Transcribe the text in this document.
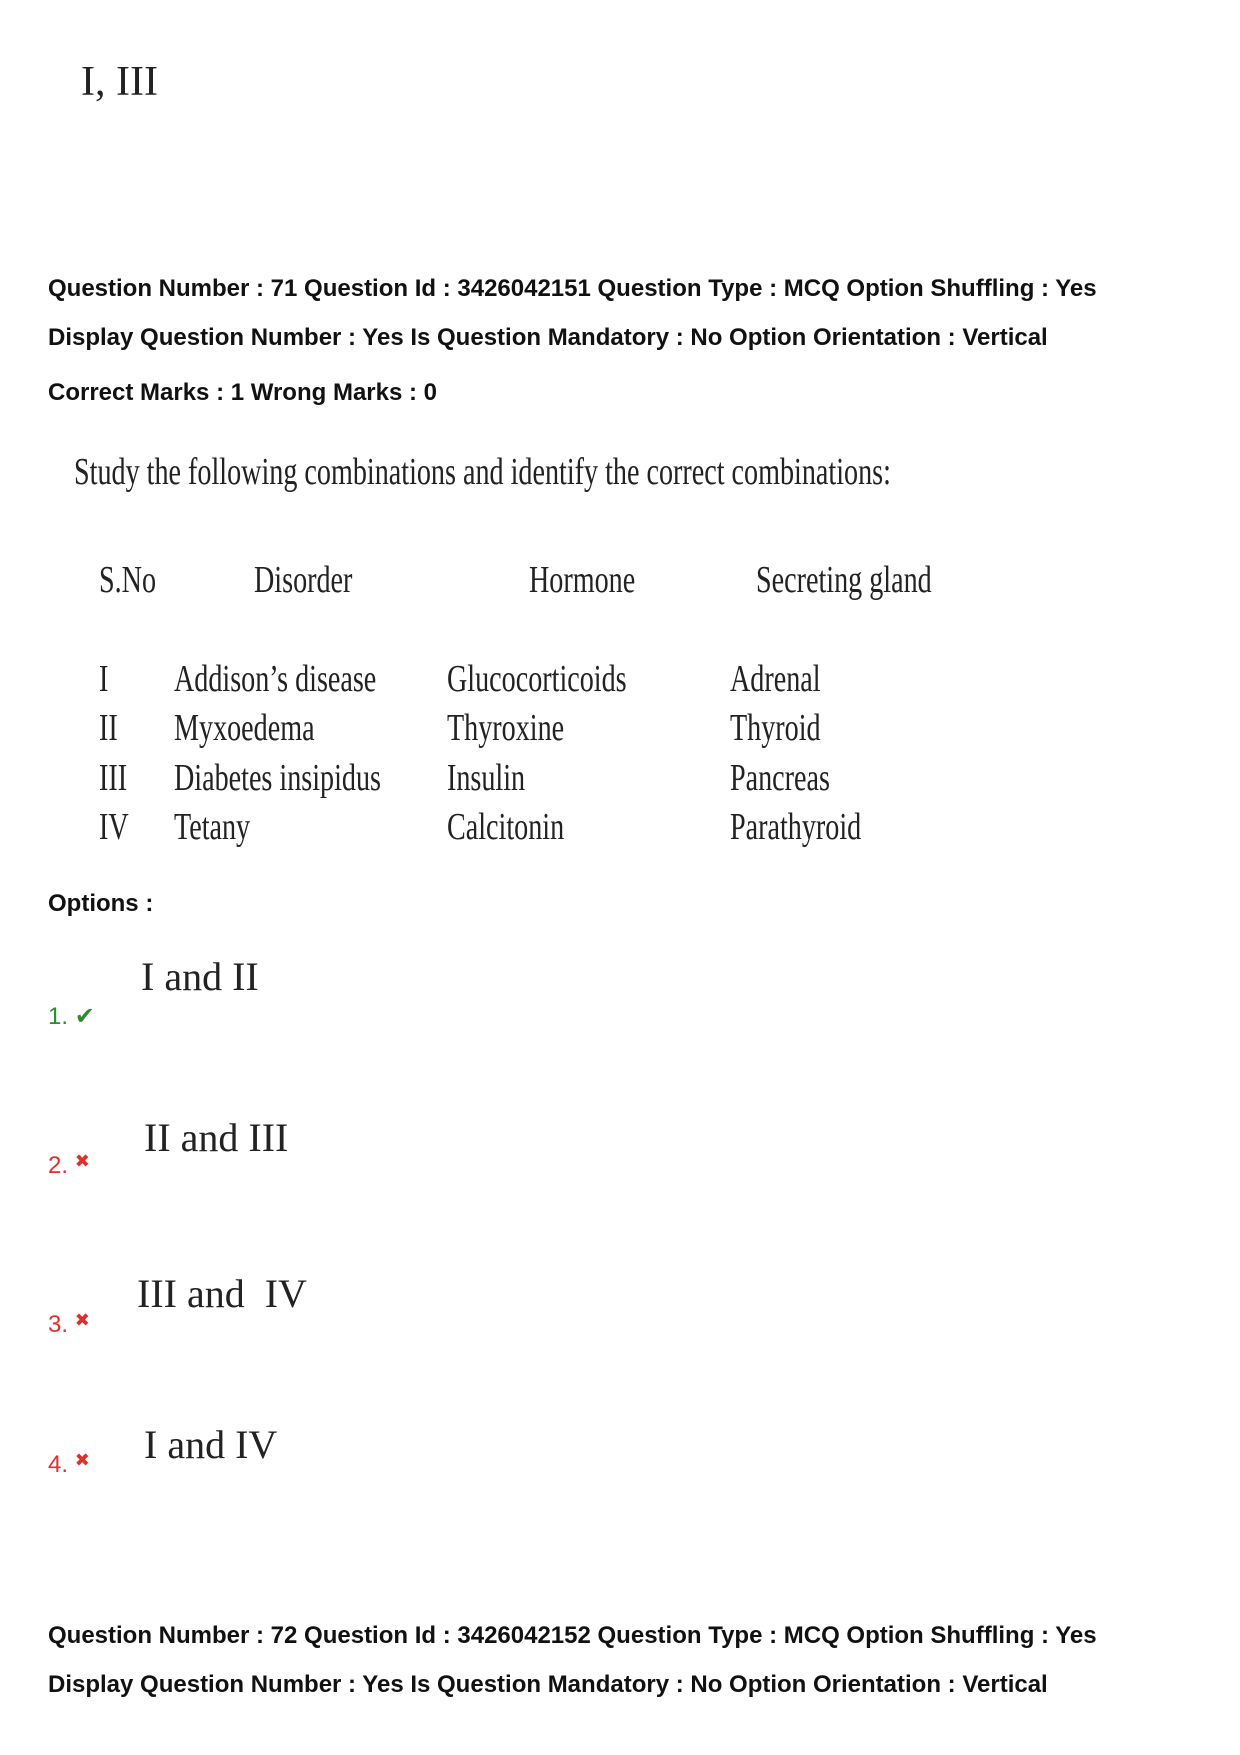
I, III
Question Number : 71 Question Id : 3426042151 Question Type : MCQ Option Shuffling : Yes
Display Question Number : Yes Is Question Mandatory : No Option Orientation : Vertical
Correct Marks : 1 Wrong Marks : 0
Study the following combinations and identify the correct combinations:
S.No	Disorder	Hormone	Secreting gland
I Addison’s disease	Glucocorticoids	Adrenal
II Myxoedema	Thyroxine	Thyroid
III Diabetes insipidus	Insulin	Pancreas
IV Tetany	Calcitonin	Parathyroid
Options :
1. ✔
I and II
2. ✖
II and III
3. ✖
III and  IV
4. ✖ I and IV
Question Number : 72 Question Id : 3426042152 Question Type : MCQ Option Shuffling : Yes
Display Question Number : Yes Is Question Mandatory : No Option Orientation : Vertical
